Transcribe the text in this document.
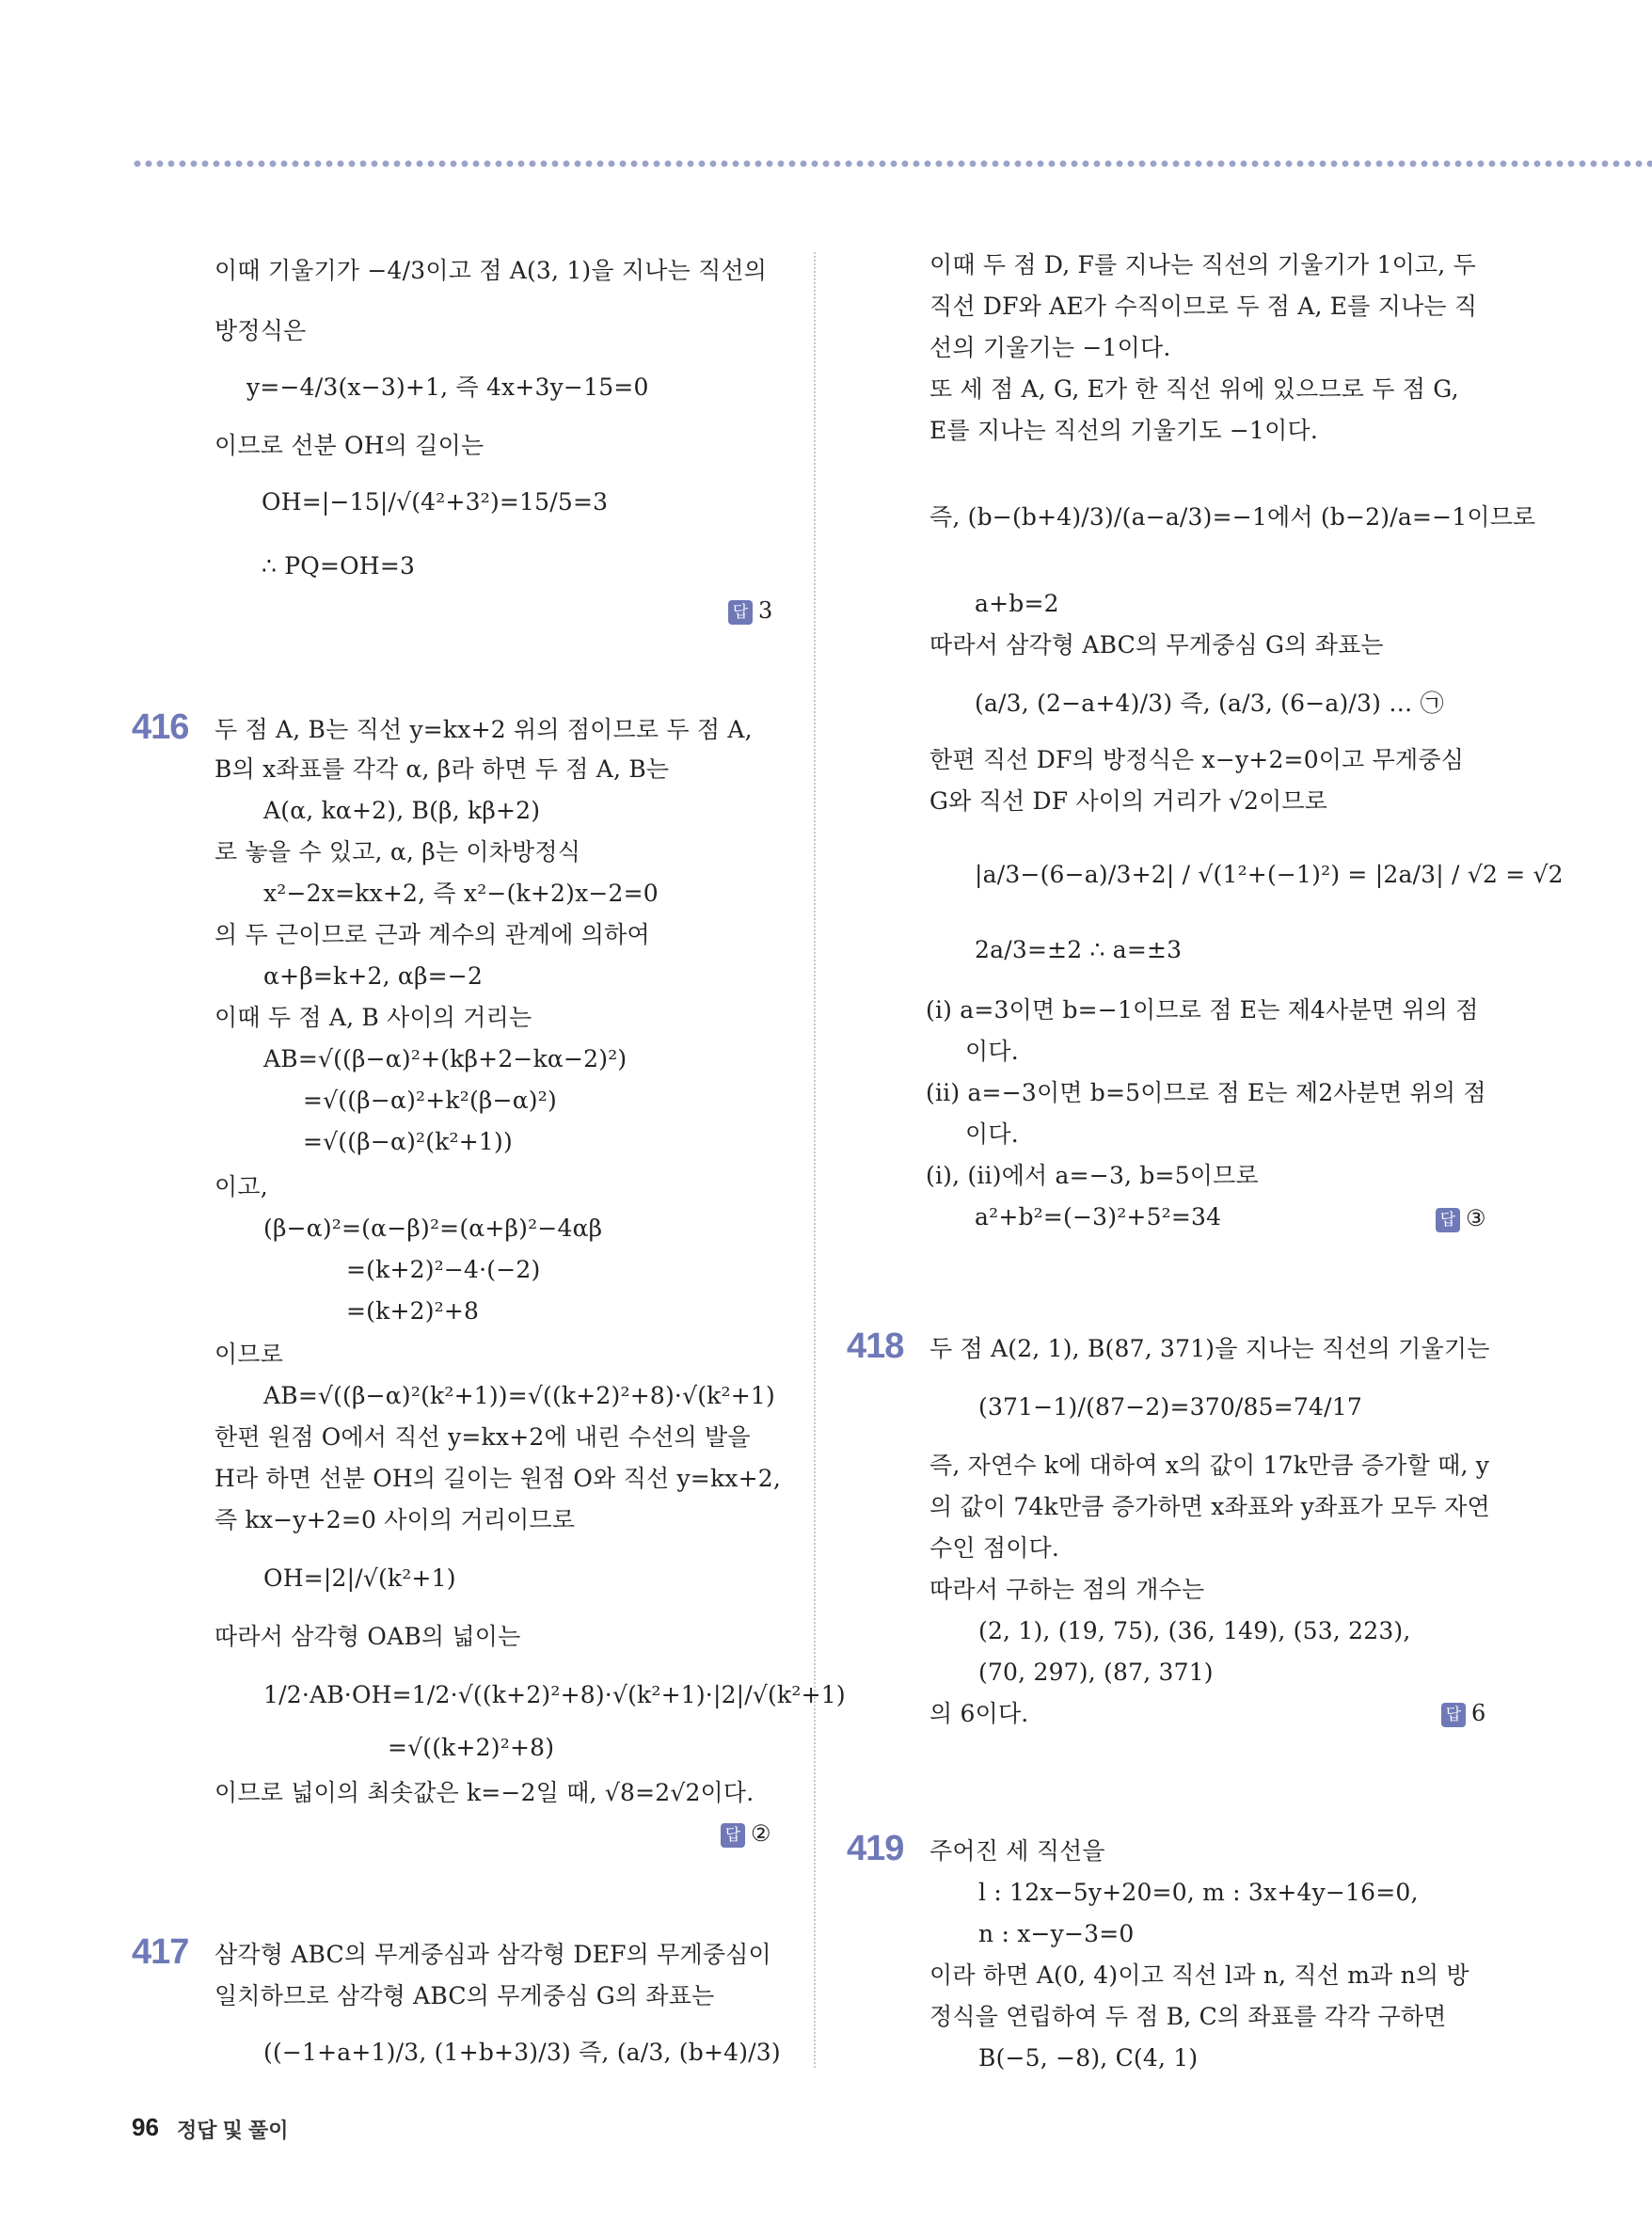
이때 기울기가 −4/3이고 점 A(3, 1)을 지나는 직선의
방정식은
y=−4/3(x−3)+1, 즉 4x+3y−15=0
이므로 선분 OH의 길이는
OH=|−15|/√(4²+3²)=15/5=3
∴ PQ=OH=3
답 3
416 두 점 A, B는 직선 y=kx+2 위의 점이므로 두 점 A,
B의 x좌표를 각각 α, β라 하면 두 점 A, B는
A(α, kα+2), B(β, kβ+2)
로 놓을 수 있고, α, β는 이차방정식
x²−2x=kx+2, 즉 x²−(k+2)x−2=0
의 두 근이므로 근과 계수의 관계에 의하여
α+β=k+2, αβ=−2
이때 두 점 A, B 사이의 거리는
AB=√((β−α)²+(kβ+2−kα−2)²)
=√((β−α)²+k²(β−α)²)
=√((β−α)²(k²+1))
이고,
(β−α)²=(α−β)²=(α+β)²−4αβ
=(k+2)²−4·(−2)
=(k+2)²+8
이므로
AB=√((β−α)²(k²+1))=√((k+2)²+8)·√(k²+1)
한편 원점 O에서 직선 y=kx+2에 내린 수선의 발을
H라 하면 선분 OH의 길이는 원점 O와 직선 y=kx+2,
즉 kx−y+2=0 사이의 거리이므로
OH=|2|/√(k²+1)
따라서 삼각형 OAB의 넓이는
1/2·AB·OH=1/2·√((k+2)²+8)·√(k²+1)·|2|/√(k²+1)
=√((k+2)²+8)
이므로 넓이의 최솟값은 k=−2일 때, √8=2√2이다.
답 ②
417 삼각형 ABC의 무게중심과 삼각형 DEF의 무게중심이
일치하므로 삼각형 ABC의 무게중심 G의 좌표는
((−1+a+1)/3, (1+b+3)/3) 즉, (a/3, (b+4)/3)
이때 두 점 D, F를 지나는 직선의 기울기가 1이고, 두
직선 DF와 AE가 수직이므로 두 점 A, E를 지나는 직
선의 기울기는 −1이다.
또 세 점 A, G, E가 한 직선 위에 있으므로 두 점 G,
E를 지나는 직선의 기울기도 −1이다.
즉, (b−(b+4)/3)/(a−a/3)=−1에서 (b−2)/a=−1이므로
a+b=2
따라서 삼각형 ABC의 무게중심 G의 좌표는
(a/3, (2−a+4)/3) 즉, (a/3, (6−a)/3) … ㉠
한편 직선 DF의 방정식은 x−y+2=0이고 무게중심
G와 직선 DF 사이의 거리가 √2이므로
|a/3−(6−a)/3+2| / √(1²+(−1)²) = |2a/3| / √2 = √2
2a/3=±2 ∴ a=±3
(i) a=3이면 b=−1이므로 점 E는 제4사분면 위의 점
이다.
(ii) a=−3이면 b=5이므로 점 E는 제2사분면 위의 점
이다.
(i), (ii)에서 a=−3, b=5이므로
a²+b²=(−3)²+5²=34	답 ③
418 두 점 A(2, 1), B(87, 371)을 지나는 직선의 기울기는
(371−1)/(87−2)=370/85=74/17
즉, 자연수 k에 대하여 x의 값이 17k만큼 증가할 때, y
의 값이 74k만큼 증가하면 x좌표와 y좌표가 모두 자연
수인 점이다.
따라서 구하는 점의 개수는
(2, 1), (19, 75), (36, 149), (53, 223),
(70, 297), (87, 371)
의 6이다.	답 6
419 주어진 세 직선을
l : 12x−5y+20=0, m : 3x+4y−16=0,
n : x−y−3=0
이라 하면 A(0, 4)이고 직선 l과 n, 직선 m과 n의 방
정식을 연립하여 두 점 B, C의 좌표를 각각 구하면
B(−5, −8), C(4, 1)
96 정답 및 풀이
